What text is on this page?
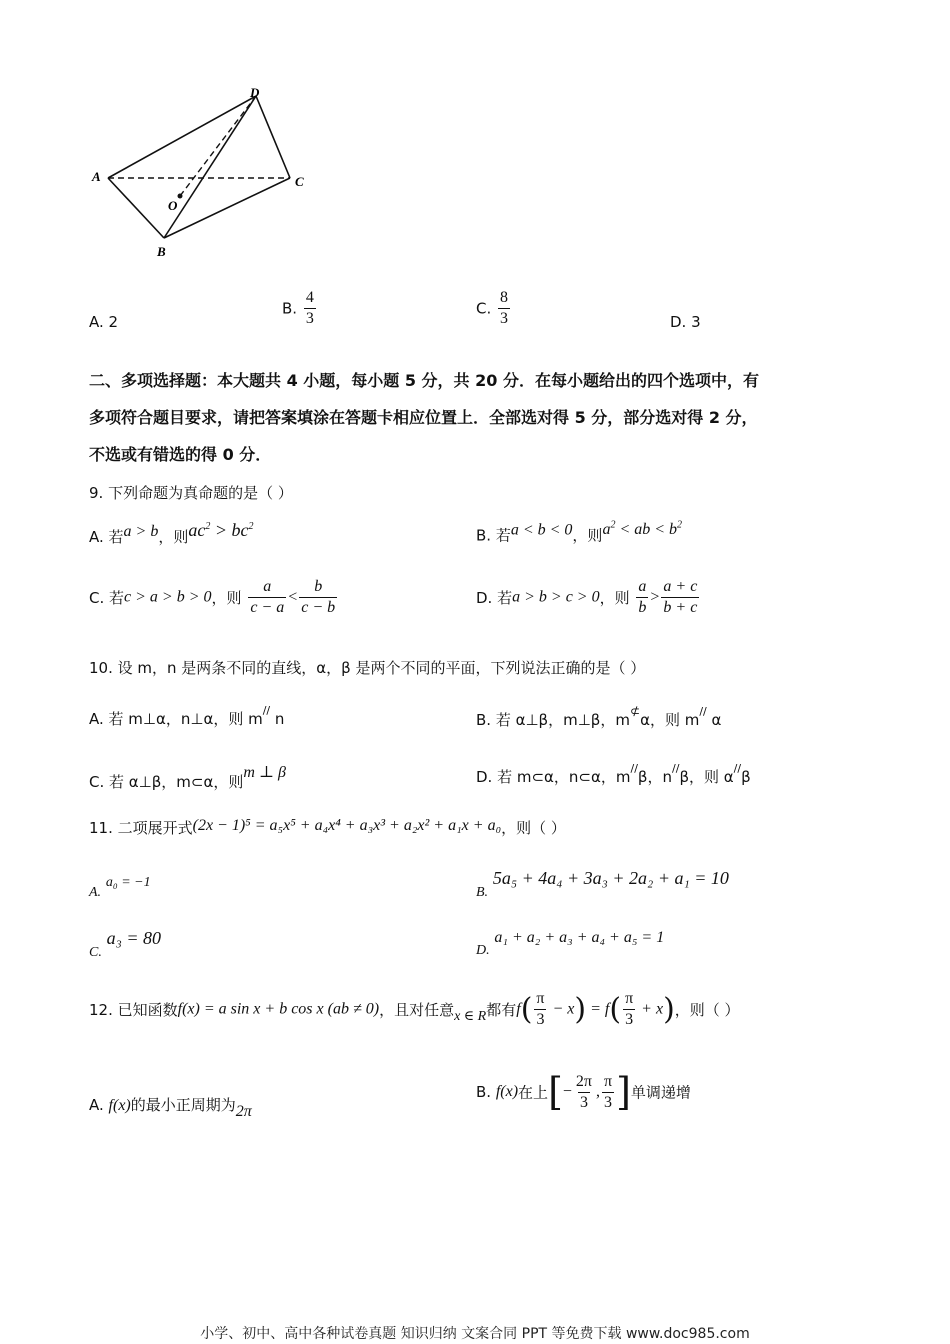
A
D
C
O
B
A. 2
B. $\frac{4}{3}$	C. $\frac{8}{3}$	D. 3
二、多项选择题：本大题共 4 小题，每小题 5 分，共 20 分．在每小题给出的四个选项中，有
多项符合题目要求，请把答案填涂在答题卡相应位置上．全部选对得 5 分，部分选对得 2 分，
不选或有错选的得 0 分．
9. 下列命题为真命题的是（ ）
A. 若a > b，则$ac^2 > bc^2$	B. 若a < b < 0，则$a^2$ < ab < $b^2$
C. 若c > a > b > 0，则 $\frac{a}{c - a} < \frac{b}{c - b}$	D. 若a > b > c > 0，则 $\frac{a}{b} > \frac{a + c}{b + c}$
10. 设 m，n 是两条不同的直线，α，β 是两个不同的平面，下列说法正确的是（ ）
A. 若 m⊥α，n⊥α，则 m// n	B. 若 α⊥β，m⊥β，m⊄α，则 m// α
C. 若 α⊥β，m⊂α，则m ⊥ β	D. 若 m⊂α，n⊂α，m//β，n//β，则 α//β
11. 二项展开式(2x − 1)⁵ = a₅x⁵ + a₄x⁴ + a₃x³ + a₂x² + a₁x + a₀，则（ ）
A. a₀ = −1
B. 5a₅ + 4a₄ + 3a₃ + 2a₂ + a₁ = 10
C. a₃ = 80
D. a₁ + a₂ + a₃ + a₄ + a₅ = 1
12. 已知函数f(x) = a sin x + b cos x (ab ≠ 0)，且对任意x ∈ R都有$f( \frac{\pi}{3} - x) = f( \frac{\pi}{3} + x)$，则（ ）
A. f(x)的最小正周期为2π
B. f(x)在上[− $\frac{2\pi}{3}$ , $\frac{\pi}{3}$ ]单调递增
小学、初中、高中各种试卷真题 知识归纳 文案合同 PPT 等免费下载 www.doc985.com
